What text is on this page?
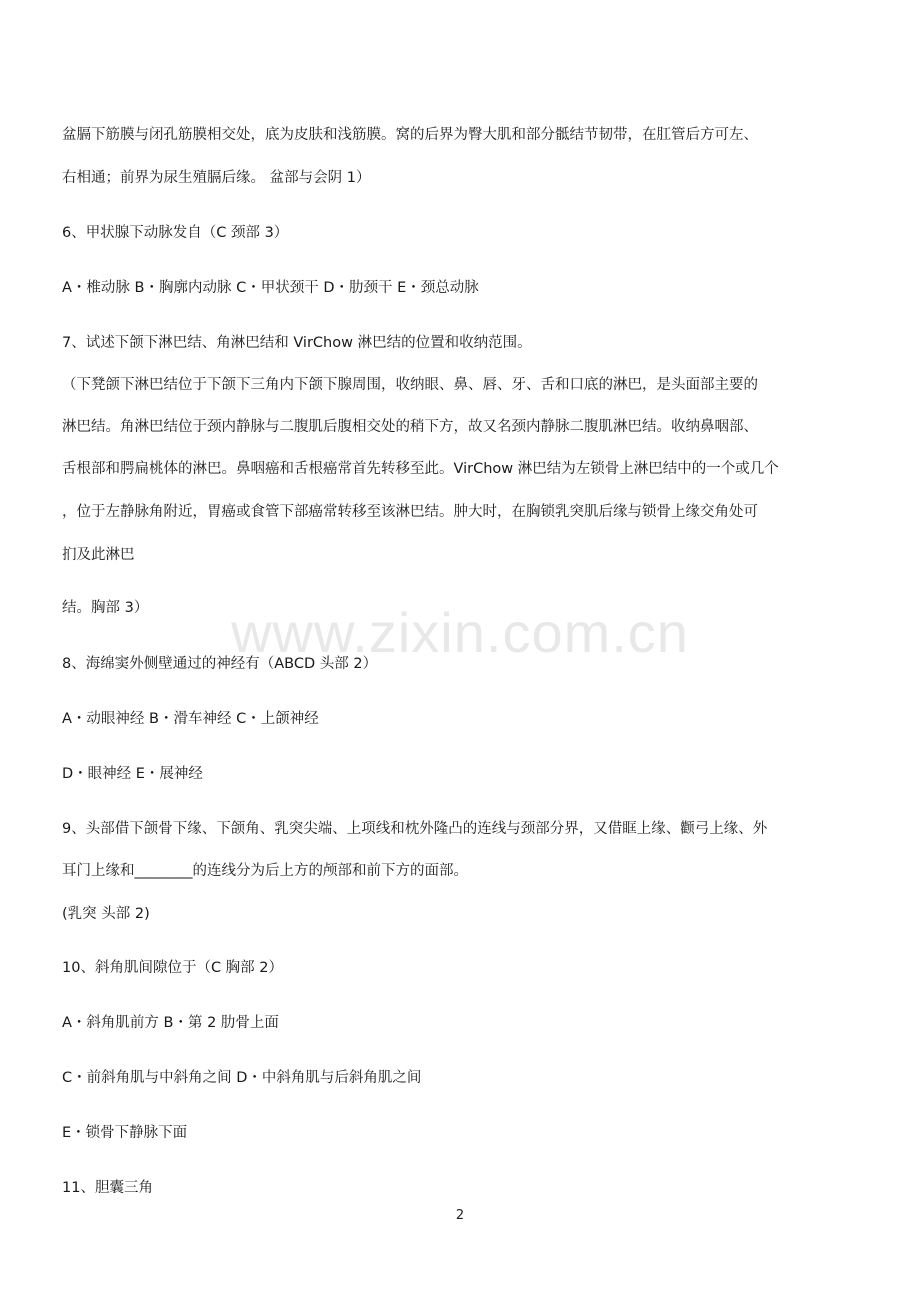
盆膈下筋膜与闭孔筋膜相交处，底为皮肤和浅筋膜。窝的后界为臀大肌和部分骶结节韧带，在肛管后方可左、
右相通；前界为尿生殖膈后缘。 盆部与会阴 1）
6、甲状腺下动脉发自（C 颈部 3）
A・椎动脉 B・胸廓内动脉 C・甲状颈干 D・肋颈干 E・颈总动脉
7、试述下颌下淋巴结、角淋巴结和 VirChow 淋巴结的位置和收纳范围。
（下凳颌下淋巴结位于下颌下三角内下颌下腺周围，收纳眼、鼻、唇、牙、舌和口底的淋巴，是头面部主要的
淋巴结。角淋巴结位于颈内静脉与二腹肌后腹相交处的稍下方，故又名颈内静脉二腹肌淋巴结。收纳鼻咽部、
舌根部和腭扁桃体的淋巴。鼻咽癌和舌根癌常首先转移至此。VirChow 淋巴结为左锁骨上淋巴结中的一个或几个
，位于左静脉角附近，胃癌或食管下部癌常转移至该淋巴结。肿大时，在胸锁乳突肌后缘与锁骨上缘交角处可
扪及此淋巴
结。胸部 3）
8、海绵窦外侧壁通过的神经有（ABCD 头部 2）
A・动眼神经 B・滑车神经 C・上颌神经
D・眼神经 E・展神经
9、头部借下颌骨下缘、下颌角、乳突尖端、上项线和枕外隆凸的连线与颈部分界，又借眶上缘、颧弓上缘、外
耳门上缘和________的连线分为后上方的颅部和前下方的面部。
(乳突 头部 2)
10、斜角肌间隙位于（C 胸部 2）
A・斜角肌前方 B・第 2 肋骨上面
C・前斜角肌与中斜角之间 D・中斜角肌与后斜角肌之间
E・锁骨下静脉下面
11、胆囊三角
www.zixin.com.cn
2
